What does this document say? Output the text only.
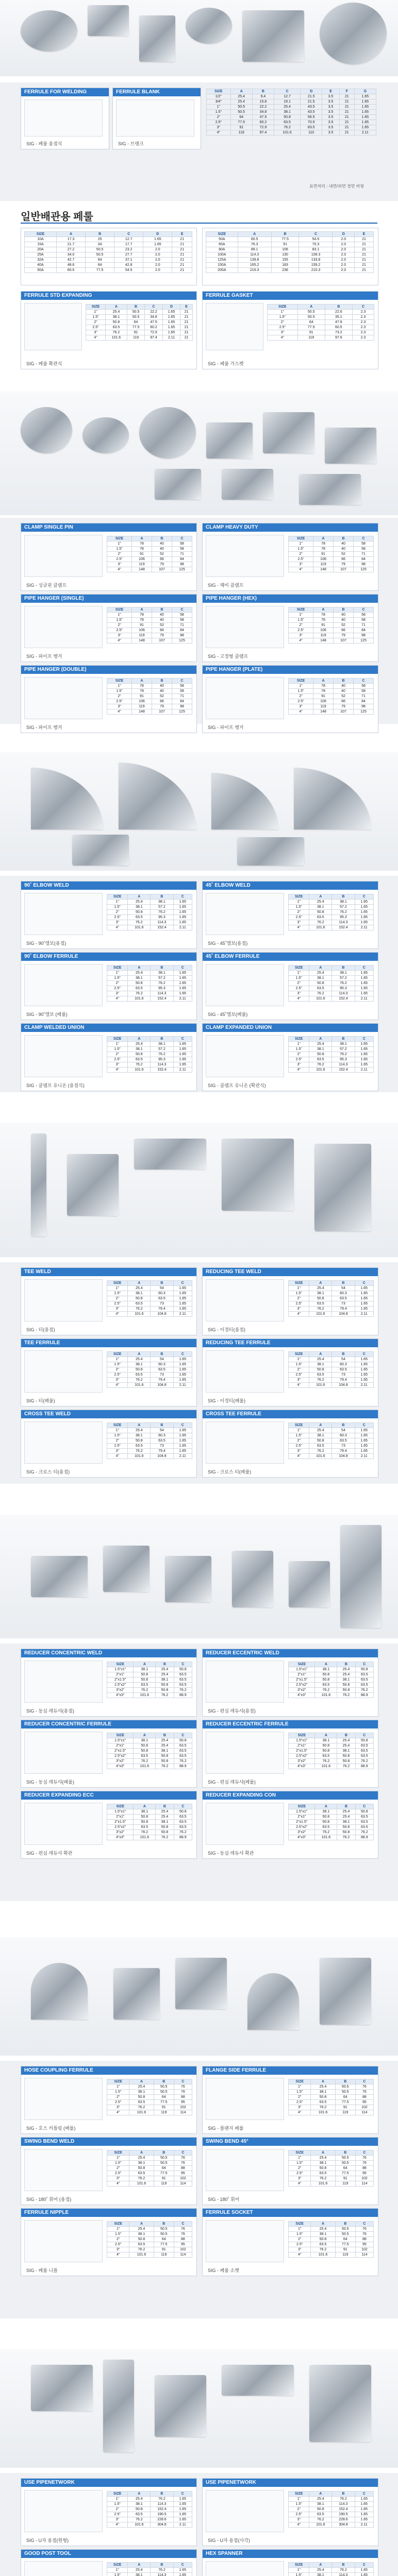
FERRULE FOR WELDING
SIG - 페룰 용접식
FERRULE BLANK
SIG - 브랭크
SIZE	A	B	C	D	E	F	G
1/2"	25.4	9.4	12.7	21.5	3.5	21	1.65
3/4"	25.4	15.8	19.1	21.5	3.5	21	1.65
1"	50.5	22.2	25.4	43.5	3.5	21	1.65
1.5"	50.5	34.8	38.1	43.5	3.5	21	1.65
2"	64	47.5	50.8	56.5	3.5	21	1.65
2.5"	77.5	60.2	63.5	70.5	3.5	21	1.65
3"	91	72.9	76.2	83.5	3.5	21	1.65
4"	119	97.4	101.6	110	3.5	21	2.11
표면처리 : 내면/외면 경면 버핑
일반배관용 페룰
SIZE	A	B	C	D	E
10A	17.3	25	12.7	1.65	21
15A	21.7	34	17.7	1.65	21
20A	27.2	50.5	23.2	2.0	21
25A	34.0	50.5	27.7	2.0	21
32A	42.7	64	37.1	2.0	21
40A	48.6	64	42.8	2.0	21
50A	60.5	77.5	54.5	2.0	21
SIZE	A	B	C	D	E
50A	60.5	77.5	54.5	2.0	21
65A	76.3	91	70.3	2.0	21
80A	89.1	106	83.1	2.0	21
100A	114.3	130	108.3	2.0	21
125A	139.8	155	133.8	2.0	21
150A	165.2	183	159.2	2.0	21
200A	216.3	236	210.3	2.0	21
FERRULE STD EXPANDING
SIZE	A	B	C	D	E
1"	25.4	50.5	22.2	1.65	21
1.5"	38.1	50.5	34.8	1.65	21
2"	50.8	64	47.5	1.65	21
2.5"	63.5	77.5	60.2	1.65	21
3"	76.2	91	72.9	1.65	21
4"	101.6	119	97.4	2.11	21
SIG - 페룰 확관식
FERRULE GASKET
SIZE	A	B	C
1"	50.5	22.6	2.3
1.5"	50.5	35.1	2.3
2"	64	47.8	2.3
2.5"	77.5	60.5	2.3
3"	91	73.2	2.3
4"	119	97.6	2.3
SIG - 페룰 가스켓
CLAMP SINGLE PIN
SIZE	A	B	C
1"	78	40	58
1.5"	78	40	58
2"	91	52	71
2.5"	106	66	84
3"	119	79	98
4"	148	107	125
SIG - 싱글핀 클램프
CLAMP HEAVY DUTY
SIZE	A	B	C
1"	78	40	58
1.5"	78	40	58
2"	91	52	71
2.5"	106	66	84
3"	119	79	98
4"	148	107	125
SIG - 헤비 클램프
PIPE HANGER (SINGLE)
SIZE	A	B	C
1"	78	40	58
1.5"	78	40	58
2"	91	52	71
2.5"	106	66	84
3"	119	79	98
4"	148	107	125
SIG - 파이프 행거
PIPE HANGER (HEX)
SIZE	A	B	C
1"	78	40	58
1.5"	78	40	58
2"	91	52	71
2.5"	106	66	84
3"	119	79	98
4"	148	107	125
SIG - 고정형 클램프
PIPE HANGER (DOUBLE)
SIZE	A	B	C
1"	78	40	58
1.5"	78	40	58
2"	91	52	71
2.5"	106	66	84
3"	119	79	98
4"	148	107	125
SIG - 파이프 행거
PIPE HANGER (PLATE)
SIZE	A	B	C
1"	78	40	58
1.5"	78	40	58
2"	91	52	71
2.5"	106	66	84
3"	119	79	98
4"	148	107	125
SIG - 파이프 행거
90˚ ELBOW WELD
SIZE	A	B	C
1"	25.4	38.1	1.65
1.5"	38.1	57.2	1.65
2"	50.8	76.2	1.65
2.5"	63.5	95.3	1.65
3"	76.2	114.3	1.65
4"	101.6	152.4	2.11
SIG - 90˚엘보(용접)
45˚ ELBOW WELD
SIZE	A	B	C
1"	25.4	38.1	1.65
1.5"	38.1	57.2	1.65
2"	50.8	76.2	1.65
2.5"	63.5	95.3	1.65
3"	76.2	114.3	1.65
4"	101.6	152.4	2.11
SIG - 45˚엘보(용접)
90˚ ELBOW FERRULE
SIZE	A	B	C
1"	25.4	38.1	1.65
1.5"	38.1	57.2	1.65
2"	50.8	76.2	1.65
2.5"	63.5	95.3	1.65
3"	76.2	114.3	1.65
4"	101.6	152.4	2.11
SIG - 90˚엘보 (페룰)
45˚ ELBOW FERRULE
SIZE	A	B	C
1"	25.4	38.1	1.65
1.5"	38.1	57.2	1.65
2"	50.8	76.2	1.65
2.5"	63.5	95.3	1.65
3"	76.2	114.3	1.65
4"	101.6	152.4	2.11
SIG - 45˚엘보(페룰)
CLAMP WELDED UNION
SIZE	A	B	C
1"	25.4	38.1	1.65
1.5"	38.1	57.2	1.65
2"	50.8	76.2	1.65
2.5"	63.5	95.3	1.65
3"	76.2	114.3	1.65
4"	101.6	152.4	2.11
SIG - 클램프 유니온 (용접식)
CLAMP EXPANDED UNION
SIZE	A	B	C
1"	25.4	38.1	1.65
1.5"	38.1	57.2	1.65
2"	50.8	76.2	1.65
2.5"	63.5	95.3	1.65
3"	76.2	114.3	1.65
4"	101.6	152.4	2.11
SIG - 클램프 유니온 (확관식)
TEE WELD
SIZE	A	B	C
1"	25.4	54	1.65
1.5"	38.1	60.3	1.65
2"	50.8	63.5	1.65
2.5"	63.5	73	1.65
3"	76.2	79.4	1.65
4"	101.6	104.8	2.11
SIG - 티(용접)
REDUCING TEE WELD
SIZE	A	B	C
1"	25.4	54	1.65
1.5"	38.1	60.3	1.65
2"	50.8	63.5	1.65
2.5"	63.5	73	1.65
3"	76.2	79.4	1.65
4"	101.6	104.8	2.11
SIG - 이경티(용접)
TEE FERRULE
SIZE	A	B	C
1"	25.4	54	1.65
1.5"	38.1	60.3	1.65
2"	50.8	63.5	1.65
2.5"	63.5	73	1.65
3"	76.2	79.4	1.65
4"	101.6	104.8	2.11
SIG - 티(페룰)
REDUCING TEE FERRULE
SIZE	A	B	C
1"	25.4	54	1.65
1.5"	38.1	60.3	1.65
2"	50.8	63.5	1.65
2.5"	63.5	73	1.65
3"	76.2	79.4	1.65
4"	101.6	104.8	2.11
SIG - 이경티(페룰)
CROSS TEE WELD
SIZE	A	B	C
1"	25.4	54	1.65
1.5"	38.1	60.3	1.65
2"	50.8	63.5	1.65
2.5"	63.5	73	1.65
3"	76.2	79.4	1.65
4"	101.6	104.8	2.11
SIG - 크로스 티(용접)
CROSS TEE FERRULE
SIZE	A	B	C
1"	25.4	54	1.65
1.5"	38.1	60.3	1.65
2"	50.8	63.5	1.65
2.5"	63.5	73	1.65
3"	76.2	79.4	1.65
4"	101.6	104.8	2.11
SIG - 크로스 티(페룰)
REDUCER CONCENTRIC WELD
SIZE	A	B	C
1.5"x1"	38.1	25.4	50.8
2"x1"	50.8	25.4	63.5
2"x1.5"	50.8	38.1	63.5
2.5"x2"	63.5	50.8	63.5
3"x2"	76.2	50.8	76.2
4"x3"	101.6	76.2	88.9
SIG - 동심 레듀샤(용접)
REDUCER ECCENTRIC WELD
SIZE	A	B	C
1.5"x1"	38.1	25.4	50.8
2"x1"	50.8	25.4	63.5
2"x1.5"	50.8	38.1	63.5
2.5"x2"	63.5	50.8	63.5
3"x2"	76.2	50.8	76.2
4"x3"	101.6	76.2	88.9
SIG - 편심 레듀샤(용접)
REDUCER CONCENTRIC FERRULE
SIZE	A	B	C
1.5"x1"	38.1	25.4	50.8
2"x1"	50.8	25.4	63.5
2"x1.5"	50.8	38.1	63.5
2.5"x2"	63.5	50.8	63.5
3"x2"	76.2	50.8	76.2
4"x3"	101.6	76.2	88.9
SIG - 동심 레듀샤(페룰)
REDUCER ECCENTRIC FERRULE
SIZE	A	B	C
1.5"x1"	38.1	25.4	50.8
2"x1"	50.8	25.4	63.5
2"x1.5"	50.8	38.1	63.5
2.5"x2"	63.5	50.8	63.5
3"x2"	76.2	50.8	76.2
4"x3"	101.6	76.2	88.9
SIG - 편심 레듀샤(페룰)
REDUCER EXPANDING ECC
SIZE	A	B	C
1.5"x1"	38.1	25.4	50.8
2"x1"	50.8	25.4	63.5
2"x1.5"	50.8	38.1	63.5
2.5"x2"	63.5	50.8	63.5
3"x2"	76.2	50.8	76.2
4"x3"	101.6	76.2	88.9
SIG - 편심 레듀샤 확관
REDUCER EXPANDING CON
SIZE	A	B	C
1.5"x1"	38.1	25.4	50.8
2"x1"	50.8	25.4	63.5
2"x1.5"	50.8	38.1	63.5
2.5"x2"	63.5	50.8	63.5
3"x2"	76.2	50.8	76.2
4"x3"	101.6	76.2	88.9
SIG - 동심 레듀샤 확관
HOSE COUPLING FERRULE
SIZE	A	B	C
1"	25.4	50.5	76
1.5"	38.1	50.5	76
2"	50.8	64	88
2.5"	63.5	77.5	95
3"	76.2	91	102
4"	101.6	119	114
SIG - 호스 커플링 (페룰)
FLANGE SIDE FERRULE
SIZE	A	B	C
1"	25.4	50.5	76
1.5"	38.1	50.5	76
2"	50.8	64	88
2.5"	63.5	77.5	95
3"	76.2	91	102
4"	101.6	119	114
SIG - 플랜지 페룰
SWING BEND WELD
SIZE	A	B	C
1"	25.4	50.5	76
1.5"	38.1	50.5	76
2"	50.8	64	88
2.5"	63.5	77.5	95
3"	76.2	91	102
4"	101.6	119	114
SIG - 180˚ 휘어 (용접)
SWING BEND 45°
SIZE	A	B	C
1"	25.4	50.5	76
1.5"	38.1	50.5	76
2"	50.8	64	88
2.5"	63.5	77.5	95
3"	76.2	91	102
4"	101.6	119	114
SIG - 180˚ 휘어
FERRULE NIPPLE
SIZE	A	B	C
1"	25.4	50.5	76
1.5"	38.1	50.5	76
2"	50.8	64	88
2.5"	63.5	77.5	95
3"	76.2	91	102
4"	101.6	119	114
SIG - 페룰 니플
FERRULE SOCKET
SIZE	A	B	C
1"	25.4	50.5	76
1.5"	38.1	50.5	76
2"	50.8	64	88
2.5"	63.5	77.5	95
3"	76.2	91	102
4"	101.6	119	114
SIG - 페룰 소켓
USE PIPENETWORK
SIZE	A	B	C
1"	25.4	76.2	1.65
1.5"	38.1	114.3	1.65
2"	50.8	152.4	1.65
2.5"	63.5	190.5	1.65
3"	76.2	228.6	1.65
4"	101.6	304.8	2.11
SIG - U자 용접(원형)
USE PIPENETWORK
SIZE	A	B	C
1"	25.4	76.2	1.65
1.5"	38.1	114.3	1.65
2"	50.8	152.4	1.65
2.5"	63.5	190.5	1.65
3"	76.2	228.6	1.65
4"	101.6	304.8	2.11
SIG - U자 용접(사각)
GOOD POST TOOL
SIZE	A	B	C
1"	25.4	76.2	1.65
1.5"	38.1	114.3	1.65

HEX SPANNER
SIZE	A	B	C
1"	25.4	76.2	1.65
1.5"	38.1	114.3	1.65
